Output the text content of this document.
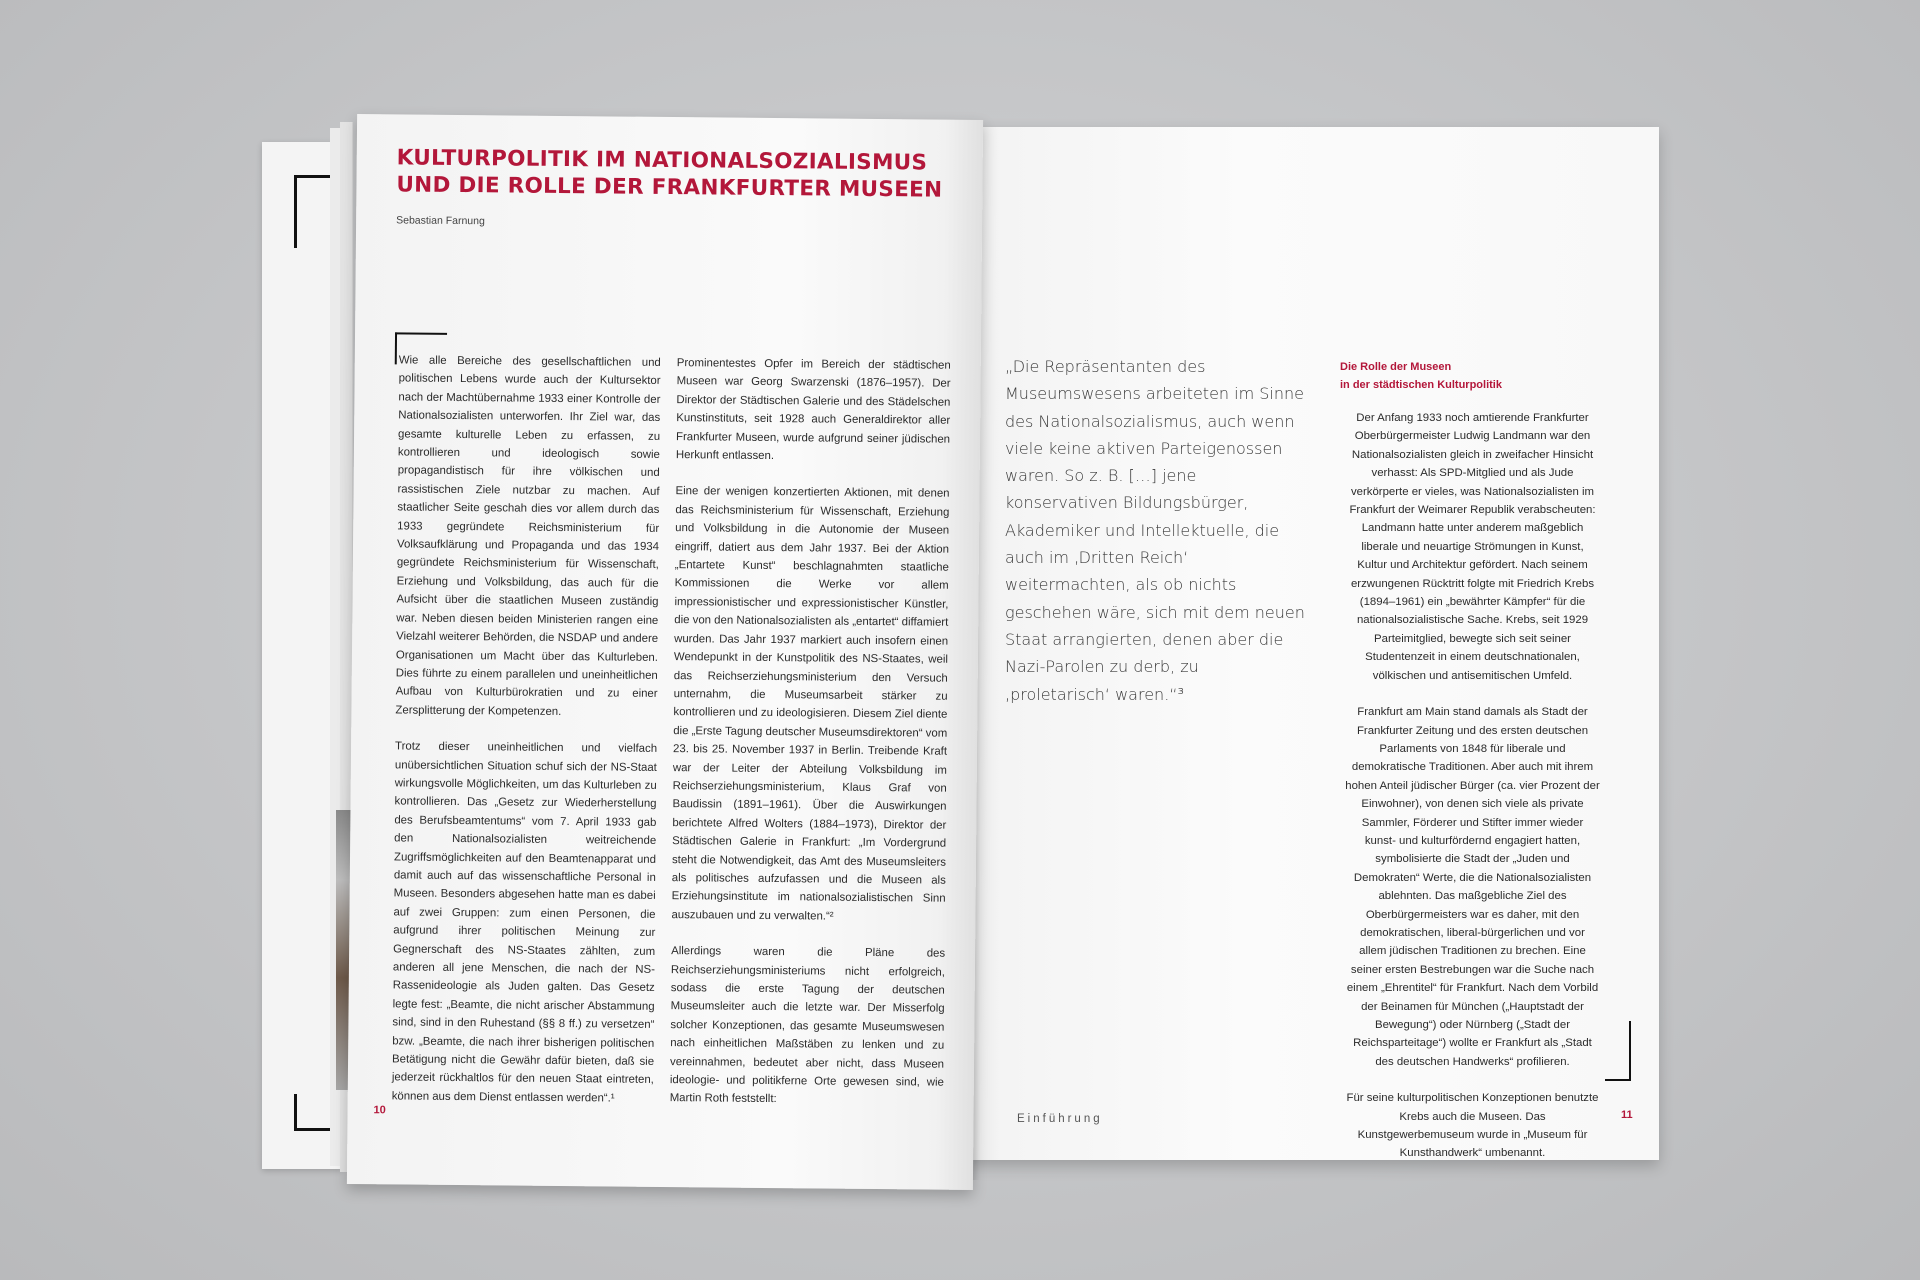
„Die Repräsentanten des Museumswesens arbeiteten im Sinne des Nationalsozialismus, auch wenn viele keine aktiven Parteigenossen waren. So z. B. […] jene konservativen Bildungsbürger, Akademiker und Intellektuelle, die auch im ‚Dritten Reich‘ weitermachten, als ob nichts geschehen wäre, sich mit dem neuen Staat arrangierten, denen aber die Nazi-Parolen zu derb, zu ‚proletarisch‘ waren.“³
Die Rolle der Museen
in der städtischen Kulturpolitik

Der Anfang 1933 noch amtierende Frankfurter Oberbürgermeister Ludwig Landmann war den Nationalsozialisten gleich in zweifacher Hinsicht verhasst: Als SPD-Mitglied und als Jude verkörperte er vieles, was Nationalsozialisten im Frankfurt der Weimarer Republik verabscheuten: Landmann hatte unter anderem maßgeblich liberale und neuartige Strömungen in Kunst, Kultur und Architektur gefördert. Nach seinem erzwungenen Rücktritt folgte mit Friedrich Krebs (1894–1961) ein „bewährter Kämpfer“ für die nationalsozialistische Sache. Krebs, seit 1929 Parteimitglied, bewegte sich seit seiner Studentenzeit in einem deutschnationalen, völkischen und antisemitischen Umfeld.

Frankfurt am Main stand damals als Stadt der Frankfurter Zeitung und des ersten deutschen Parlaments von 1848 für liberale und demokratische Traditionen. Aber auch mit ihrem hohen Anteil jüdischer Bürger (ca. vier Prozent der Einwohner), von denen sich viele als private Sammler, Förderer und Stifter immer wieder kunst- und kulturfördernd engagiert hatten, symbolisierte die Stadt der „Juden und Demokraten“ Werte, die die Nationalsozialisten ablehnten. Das maßgebliche Ziel des Oberbürgermeisters war es daher, mit den demokratischen, liberal-bürgerlichen und vor allem jüdischen Traditionen zu brechen. Eine seiner ersten Bestrebungen war die Suche nach einem „Ehrentitel“ für Frankfurt. Nach dem Vorbild der Beinamen für München („Hauptstadt der Bewegung“) oder Nürnberg („Stadt der Reichsparteitage“) wollte er Frankfurt als „Stadt des deutschen Handwerks“ profilieren.

Für seine kulturpolitischen Konzeptionen benutzte Krebs auch die Museen. Das Kunstgewerbemuseum wurde in „Museum für Kunsthandwerk“ umbenannt.

Einführung	11
KULTURPOLITIK IM NATIONALSOZIALISMUS
UND DIE ROLLE DER FRANKFURTER MUSEEN
Sebastian Farnung

Wie alle Bereiche des gesellschaftlichen und politischen Lebens wurde auch der Kultursektor nach der Machtübernahme 1933 einer Kontrolle der Nationalsozialisten unterworfen. Ihr Ziel war, das gesamte kulturelle Leben zu erfassen, zu kontrollieren und ideologisch sowie propagandistisch für ihre völkischen und rassistischen Ziele nutzbar zu machen. Auf staatlicher Seite geschah dies vor allem durch das 1933 gegründete Reichsministerium für Volksaufklärung und Propaganda und das 1934 gegründete Reichsministerium für Wissenschaft, Erziehung und Volksbildung, das auch für die Aufsicht über die staatlichen Museen zuständig war. Neben diesen beiden Ministerien rangen eine Vielzahl weiterer Behörden, die NSDAP und andere Organisationen um Macht über das Kulturleben. Dies führte zu einem parallelen und uneinheitlichen Aufbau von Kulturbürokratien und zu einer Zersplitterung der Kompetenzen.

Trotz dieser uneinheitlichen und vielfach unübersichtlichen Situation schuf sich der NS-Staat wirkungsvolle Möglichkeiten, um das Kulturleben zu kontrollieren. Das „Gesetz zur Wiederherstellung des Berufsbeamtentums“ vom 7. April 1933 gab den Nationalsozialisten weitreichende Zugriffsmöglichkeiten auf den Beamtenapparat und damit auch auf das wissenschaftliche Personal in Museen. Besonders abgesehen hatte man es dabei auf zwei Gruppen: zum einen Personen, die aufgrund ihrer politischen Meinung zur Gegnerschaft des NS-Staates zählten, zum anderen all jene Menschen, die nach der NS-Rassenideologie als Juden galten. Das Gesetz legte fest: „Beamte, die nicht arischer Abstammung sind, sind in den Ruhestand (§§ 8 ff.) zu versetzen“ bzw. „Beamte, die nach ihrer bisherigen politischen Betätigung nicht die Gewähr dafür bieten, daß sie jederzeit rückhaltlos für den neuen Staat eintreten, können aus dem Dienst entlassen werden“.¹

Prominentestes Opfer im Bereich der städtischen Museen war Georg Swarzenski (1876–1957). Der Direktor der Städtischen Galerie und des Städelschen Kunstinstituts, seit 1928 auch Generaldirektor aller Frankfurter Museen, wurde aufgrund seiner jüdischen Herkunft entlassen.

Eine der wenigen konzertierten Aktionen, mit denen das Reichsministerium für Wissenschaft, Erziehung und Volksbildung in die Autonomie der Museen eingriff, datiert aus dem Jahr 1937. Bei der Aktion „Entartete Kunst“ beschlagnahmten staatliche Kommissionen die Werke vor allem impressionistischer und expressionistischer Künstler, die von den Nationalsozialisten als „entartet“ diffamiert wurden. Das Jahr 1937 markiert auch insofern einen Wendepunkt in der Kunstpolitik des NS-Staates, weil das Reichserziehungsministerium den Versuch unternahm, die Museumsarbeit stärker zu kontrollieren und zu ideologisieren. Diesem Ziel diente die „Erste Tagung deutscher Museumsdirektoren“ vom 23. bis 25. November 1937 in Berlin. Treibende Kraft war der Leiter der Abteilung Volksbildung im Reichserziehungsministerium, Klaus Graf von Baudissin (1891–1961). Über die Auswirkungen berichtete Alfred Wolters (1884–1973), Direktor der Städtischen Galerie in Frankfurt: „Im Vordergrund steht die Notwendigkeit, das Amt des Museumsleiters als politisches aufzufassen und die Museen als Erziehungsinstitute im nationalsozialistischen Sinn auszubauen und zu verwalten.“²

Allerdings waren die Pläne des Reichserziehungsministeriums nicht erfolgreich, sodass die erste Tagung der deutschen Museumsleiter auch die letzte war. Der Misserfolg solcher Konzeptionen, das gesamte Museumswesen nach einheitlichen Maßstäben zu lenken und zu vereinnahmen, bedeutet aber nicht, dass Museen ideologie- und politikferne Orte gewesen sind, wie Martin Roth feststellt:

10
